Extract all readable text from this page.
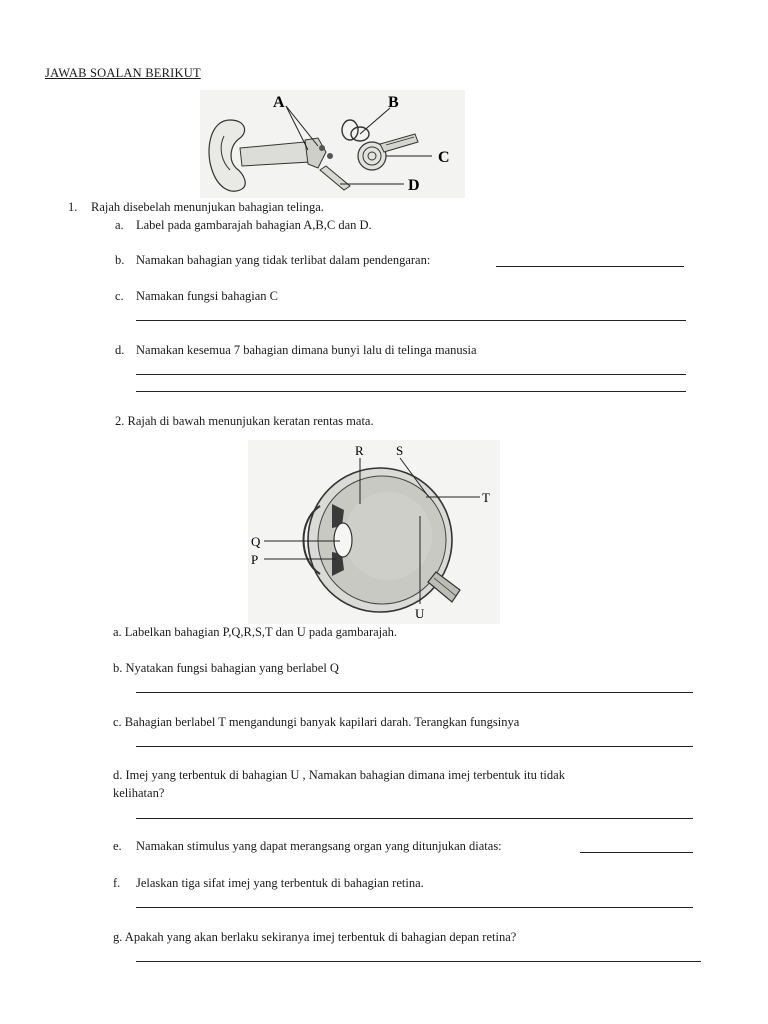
JAWAB SOALAN BERIKUT
A	B
C
D
1. Rajah disebelah menunjukan bahagian telinga.
a. Label pada gambarajah bahagian A,B,C dan D.
b. Namakan bahagian yang tidak terlibat dalam pendengaran:
c. Namakan fungsi bahagian C
d. Namakan kesemua 7 bahagian dimana bunyi lalu di telinga manusia
2. Rajah di bawah menunjukan keratan rentas mata.
R S
T
Q
P
U
a. Labelkan bahagian P,Q,R,S,T dan U pada gambarajah.
b. Nyatakan fungsi bahagian yang berlabel Q
c. Bahagian berlabel T mengandungi banyak kapilari darah. Terangkan fungsinya
d. Imej yang terbentuk di bahagian U , Namakan bahagian dimana imej terbentuk itu tidak
kelihatan?
e. Namakan stimulus yang dapat merangsang organ yang ditunjukan diatas:
f. Jelaskan tiga sifat imej yang terbentuk di bahagian retina.
g. Apakah yang akan berlaku sekiranya imej terbentuk di bahagian depan retina?
